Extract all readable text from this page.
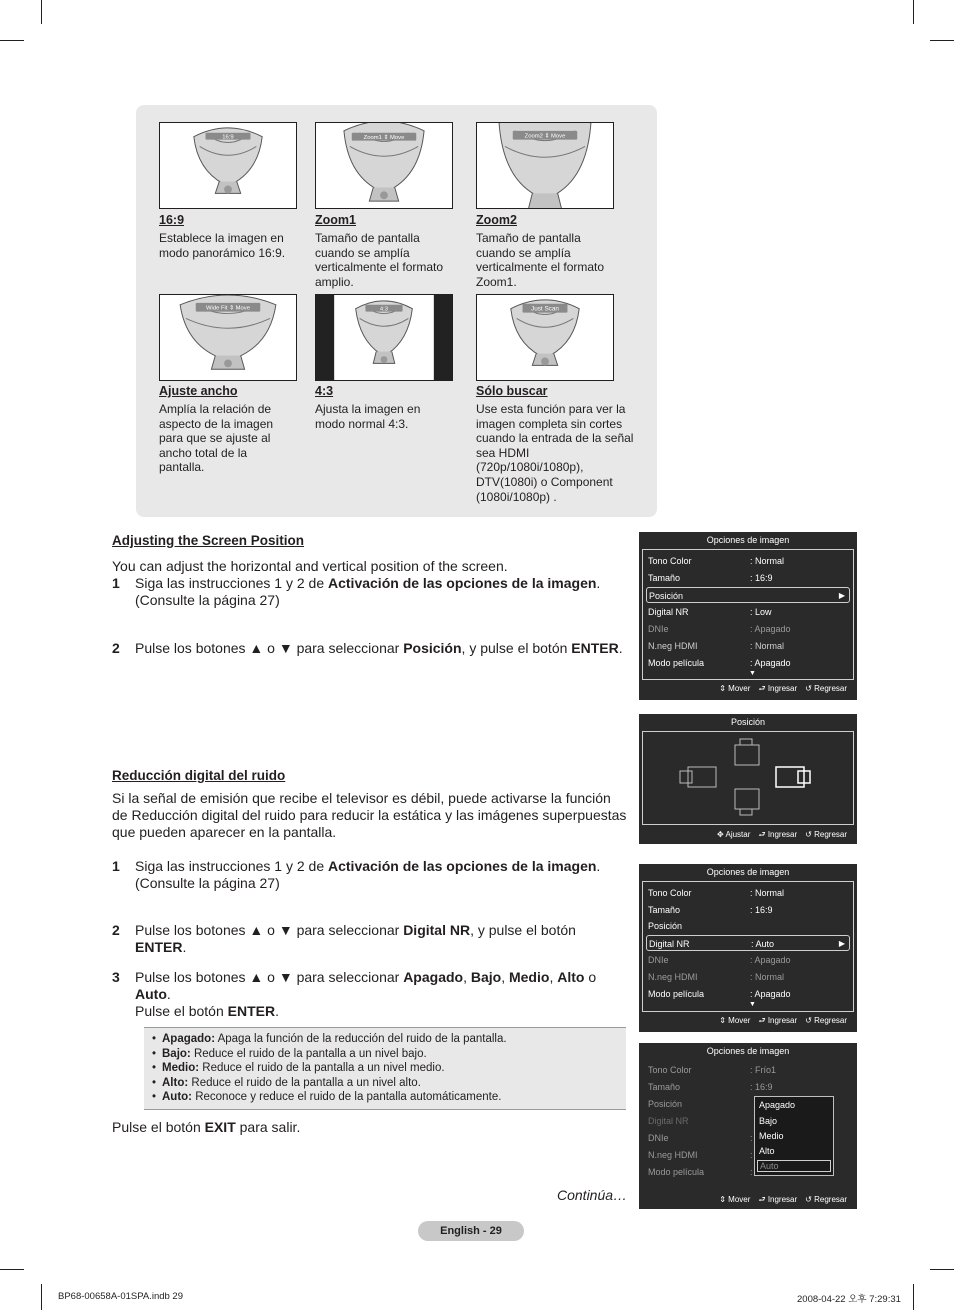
16:9	Zoom1 ⇕ Move	Zoom2 ⇕ Move
Wide Fit ⇕ Move	4:3	Just Scan
16:9
Establece la imagen en modo panorámico 16:9.
Zoom1
Tamaño de pantalla cuando se amplía verticalmente el formato amplio.
Zoom2
Tamaño de pantalla cuando se amplía verticalmente el formato Zoom1.
Ajuste ancho
Amplía la relación de aspecto de la imagen para que se ajuste al ancho total de la pantalla.
4:3
Ajusta la imagen en modo normal 4:3.
Sólo buscar
Use esta función para ver la imagen completa sin cortes cuando la entrada de la señal sea HDMI (720p/1080i/1080p), DTV(1080i) o Component (1080i/1080p) .
Adjusting the Screen Position
You can adjust the horizontal and vertical position of the screen.
1 Siga las instrucciones 1 y 2 de Activación de las opciones de la imagen.
(Consulte la página 27)
2 Pulse los botones ▲ o ▼ para seleccionar Posición, y pulse el botón ENTER.
Reducción digital del ruido
Si la señal de emisión que recibe el televisor es débil, puede activarse la función de Reducción digital del ruido para reducir la estática y las imágenes superpuestas que pueden aparecer en la pantalla.
1 Siga las instrucciones 1 y 2 de Activación de las opciones de la imagen.
(Consulte la página 27)
2 Pulse los botones ▲ o ▼ para seleccionar Digital NR, y pulse el botón ENTER.
3 Pulse los botones ▲ o ▼ para seleccionar Apagado, Bajo, Medio, Alto o
Auto.
Pulse el botón ENTER.
• Apagado: Apaga la función de la reducción del ruido de la pantalla.
• Bajo: Reduce el ruido de la pantalla a un nivel bajo.
• Medio: Reduce el ruido de la pantalla a un nivel medio.
• Alto: Reduce el ruido de la pantalla a un nivel alto.
• Auto: Reconoce y reduce el ruido de la pantalla automáticamente.
Pulse el botón EXIT para salir.
Continúa…
Opciones de imagen
Tono Color	: Normal
Tamaño	: 16:9
Posición	▶
Digital NR	: Low
DNIe	: Apagado
N.neg HDMI	: Normal
Modo película	: Apagado
▼
⇕ Mover ⮐ Ingresar ↺ Regresar
Posición
✥ Ajustar ⮐ Ingresar ↺ Regresar
Opciones de imagen
Tono Color	: Normal
Tamaño	: 16:9
Posición
Digital NR	: Auto	▶
DNIe	: Apagado
N.neg HDMI	: Normal
Modo película	: Apagado
▼
⇕ Mover ⮐ Ingresar ↺ Regresar
Opciones de imagen
Tono Color	: Frío1
Tamaño	: 16:9
Posición
Digital NR
DNIe	:
N.neg HDMI	:
Modo película	:
⇕ Mover ⮐ Ingresar ↺ Regresar
Apagado
Bajo
Medio
Alto
Auto
English - 29
BP68-00658A-01SPA.indb 29	2008-04-22 오후 7:29:31
